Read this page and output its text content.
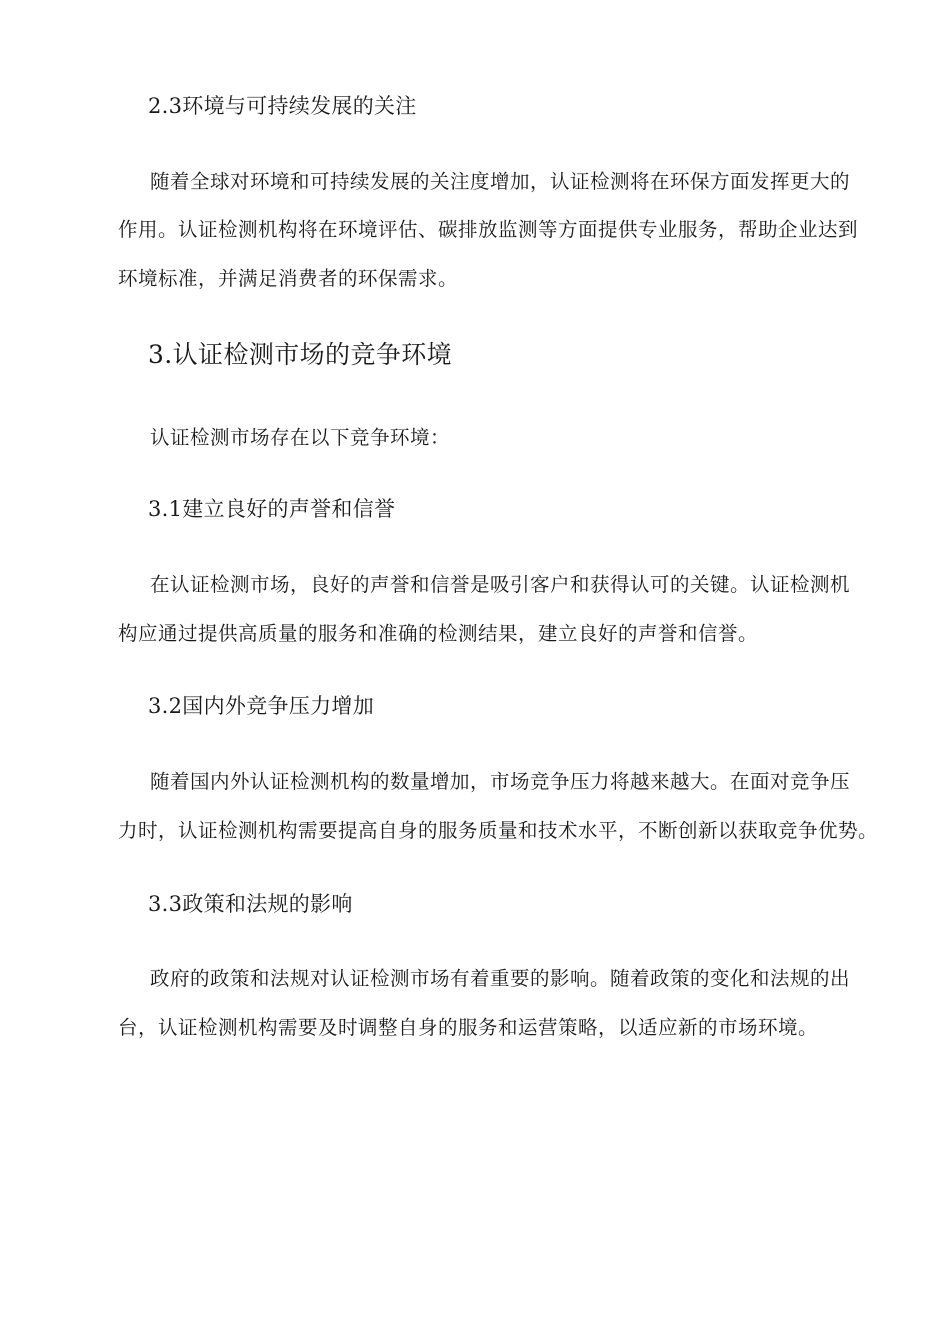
2.3环境与可持续发展的关注
随着全球对环境和可持续发展的关注度增加，认证检测将在环保方面发挥更大的
作用。认证检测机构将在环境评估、碳排放监测等方面提供专业服务，帮助企业达到
环境标准，并满足消费者的环保需求。
3.认证检测市场的竞争环境
认证检测市场存在以下竞争环境：
3.1建立良好的声誉和信誉
在认证检测市场，良好的声誉和信誉是吸引客户和获得认可的关键。认证检测机
构应通过提供高质量的服务和准确的检测结果，建立良好的声誉和信誉。
3.2国内外竞争压力增加
随着国内外认证检测机构的数量增加，市场竞争压力将越来越大。在面对竞争压
力时，认证检测机构需要提高自身的服务质量和技术水平，不断创新以获取竞争优势。
3.3政策和法规的影响
政府的政策和法规对认证检测市场有着重要的影响。随着政策的变化和法规的出
台，认证检测机构需要及时调整自身的服务和运营策略，以适应新的市场环境。
